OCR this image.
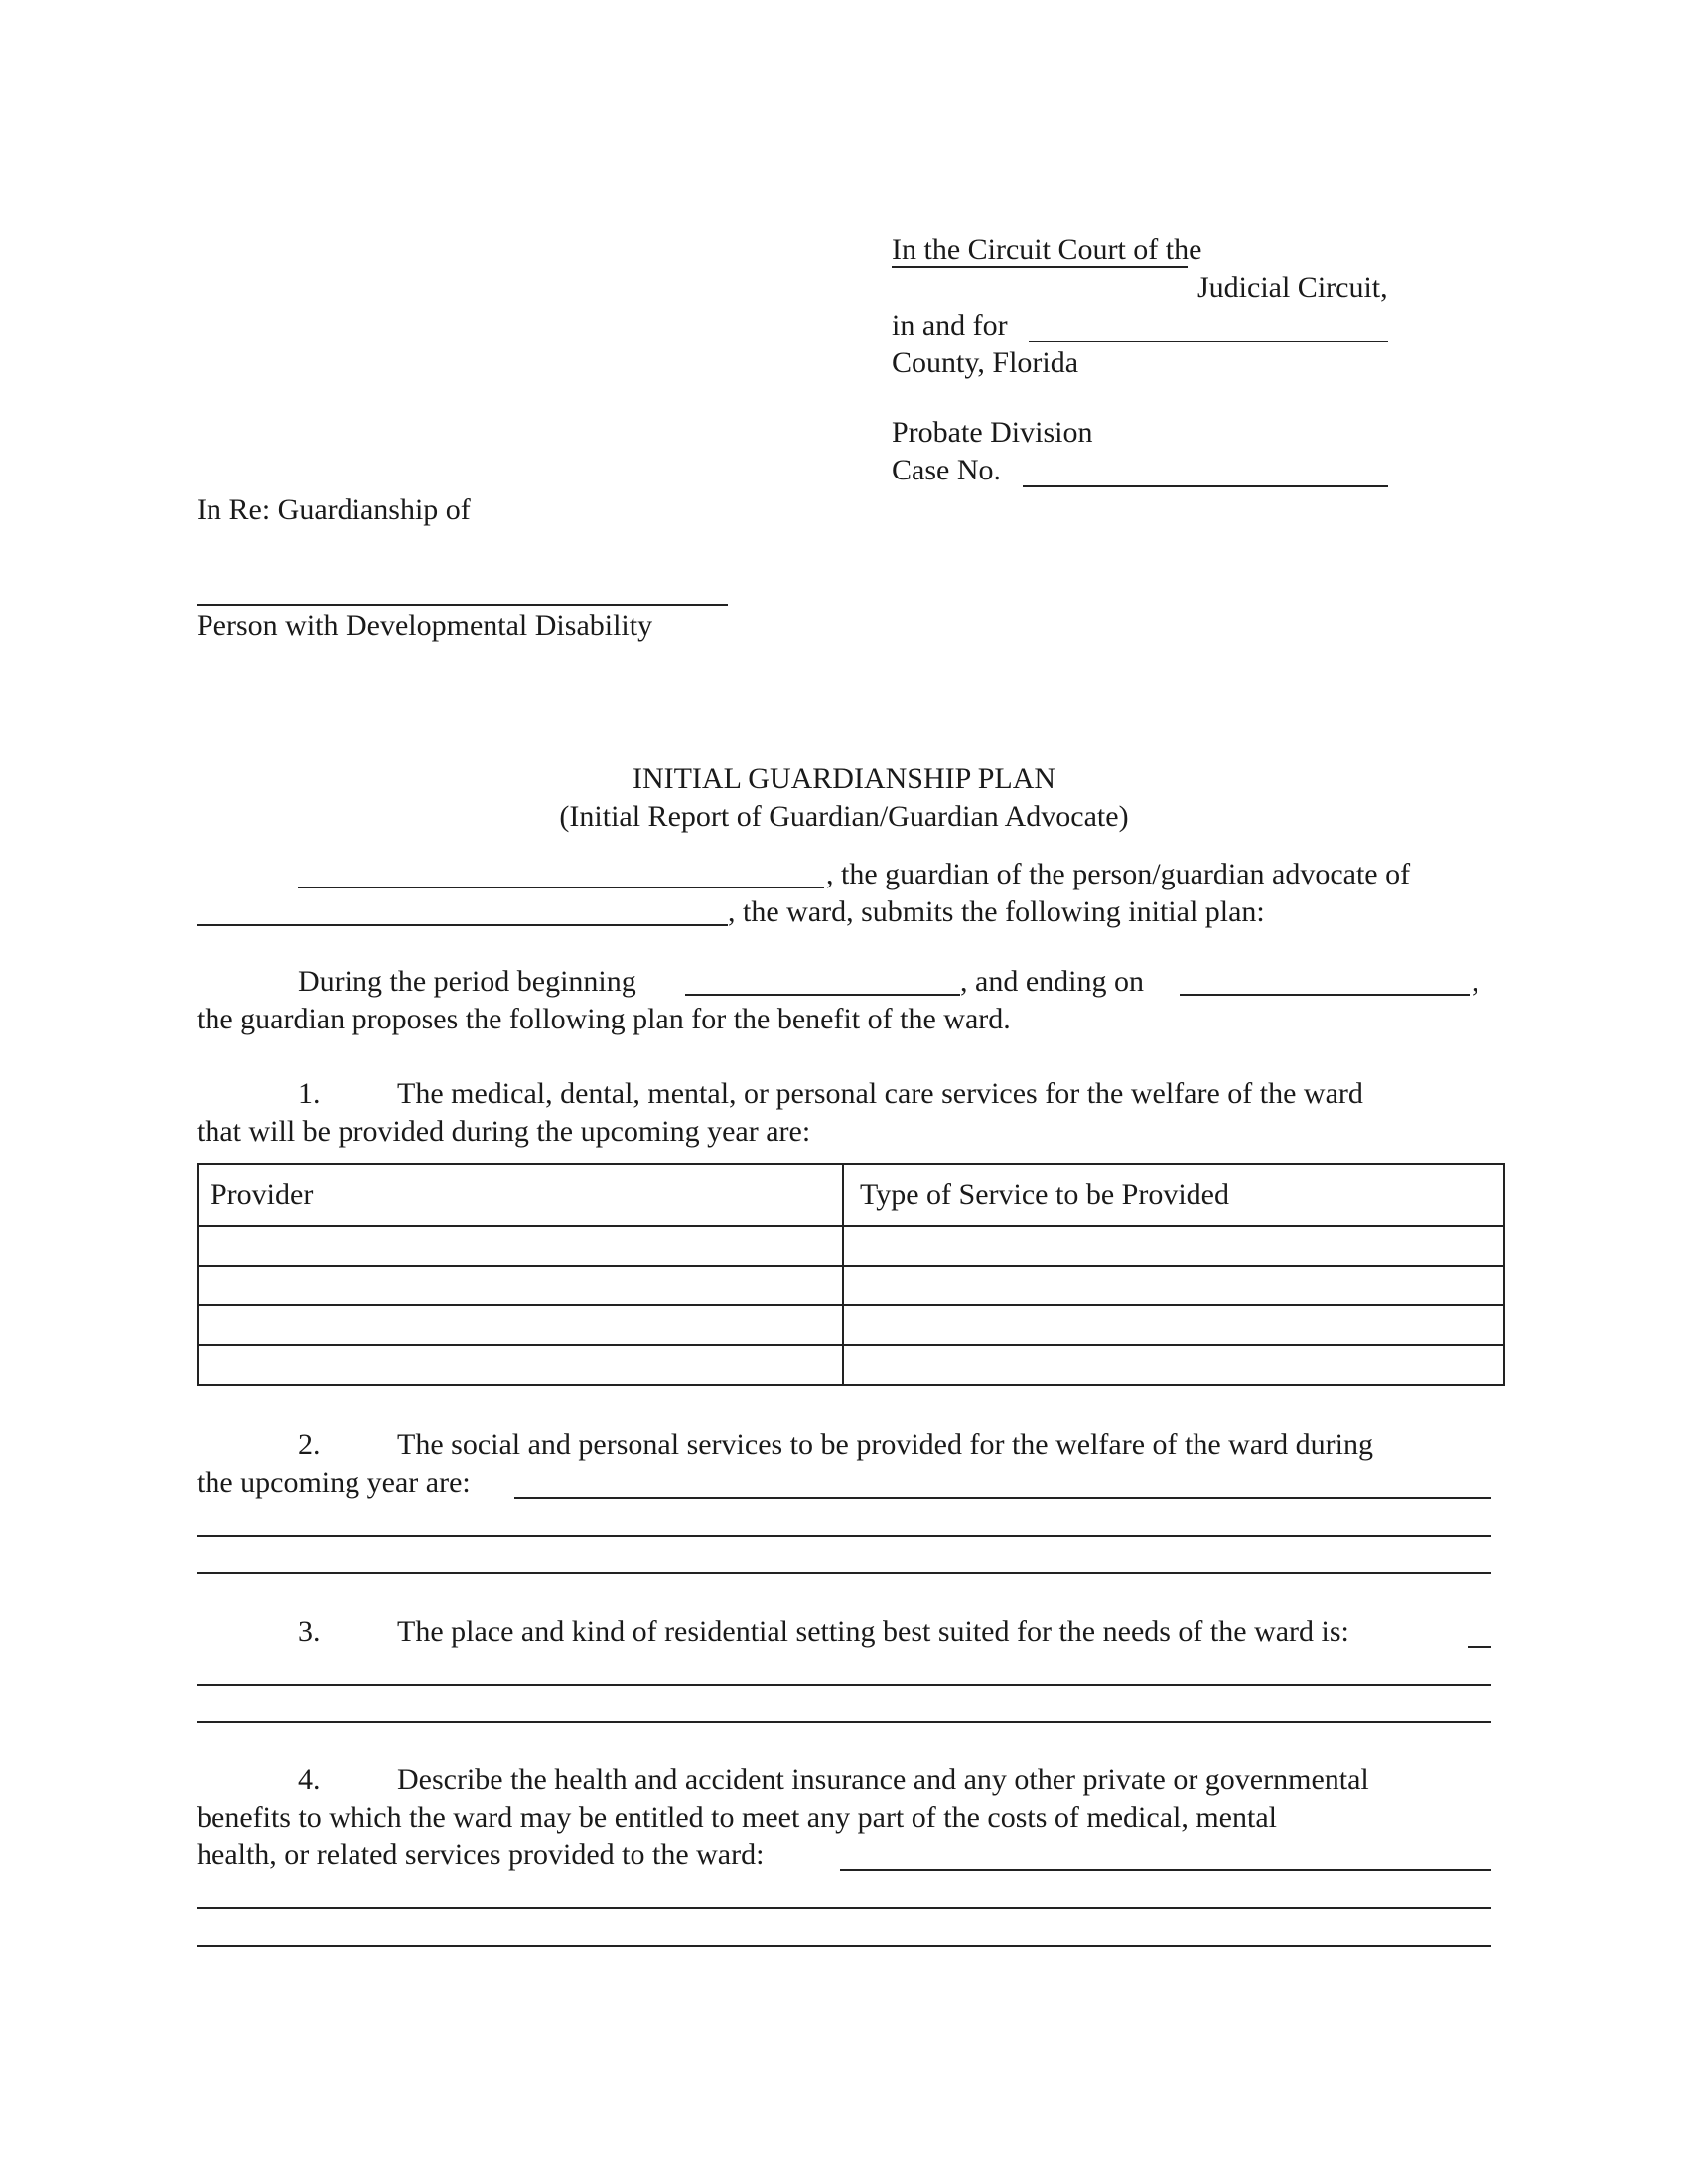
In the Circuit Court of the
Judicial Circuit,
in and for
County, Florida
Probate Division
Case No.
In Re: Guardianship of
Person with Developmental Disability
INITIAL GUARDIANSHIP PLAN
(Initial Report of Guardian/Guardian Advocate)
, the guardian of the person/guardian advocate of
, the ward, submits the following initial plan:
During the period beginning	, and ending on	,
the guardian proposes the following plan for the benefit of the ward.
1.	The medical, dental, mental, or personal care services for the welfare of the ward
that will be provided during the upcoming year are:
Provider	Type of Service to be Provided

2.	The social and personal services to be provided for the welfare of the ward during
the upcoming year are:
3.	The place and kind of residential setting best suited for the needs of the ward is:
4.	Describe the health and accident insurance and any other private or governmental
benefits to which the ward may be entitled to meet any part of the costs of medical, mental
health, or related services provided to the ward:
